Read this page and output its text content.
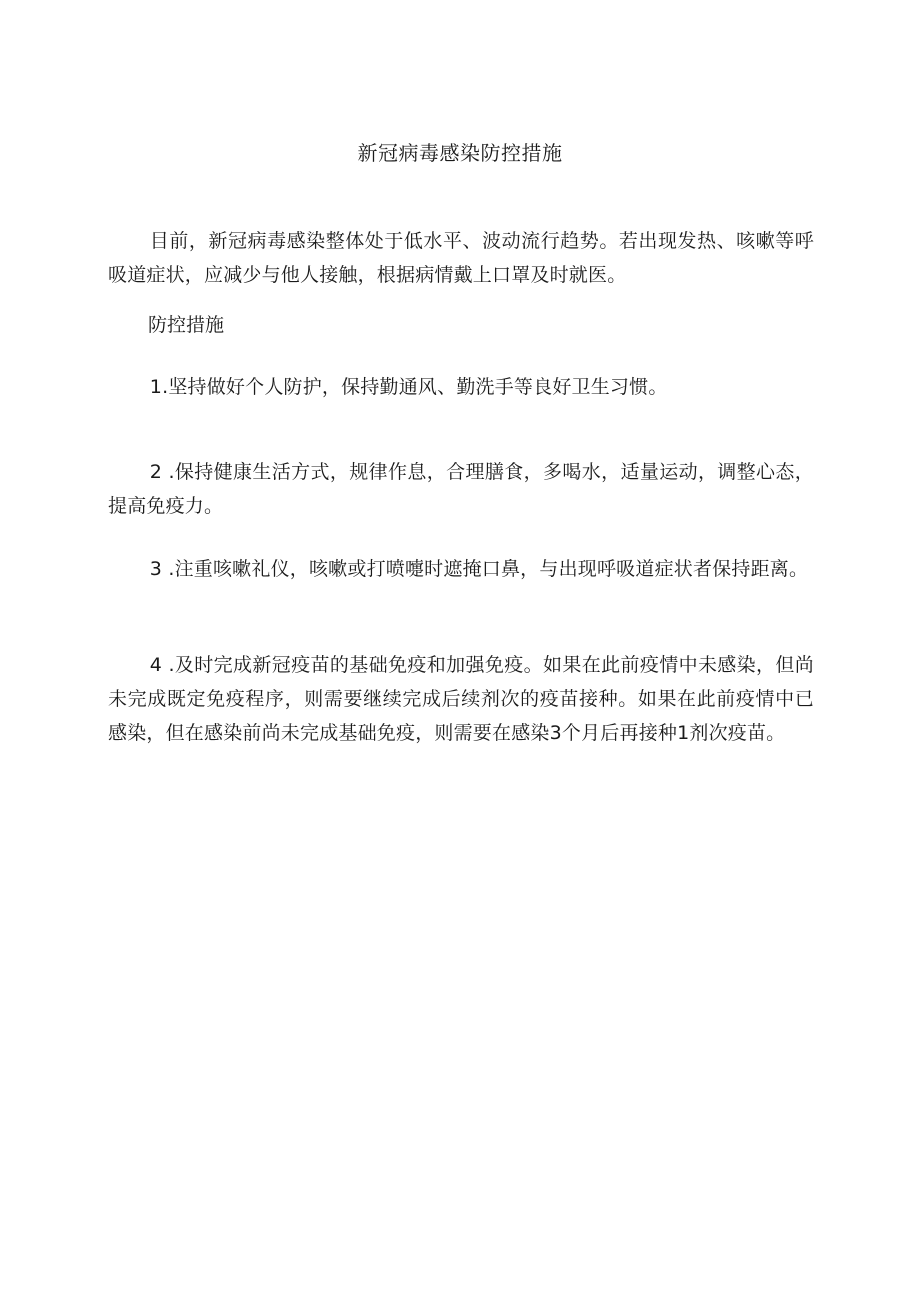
新冠病毒感染防控措施

目前，新冠病毒感染整体处于低水平、波动流行趋势。若出现发热、咳嗽等呼吸道症状，应减少与他人接触，根据病情戴上口罩及时就医。

防控措施

1.坚持做好个人防护，保持勤通风、勤洗手等良好卫生习惯。

2 .保持健康生活方式，规律作息，合理膳食，多喝水，适量运动，调整心态，提高免疫力。

3 .注重咳嗽礼仪，咳嗽或打喷嚏时遮掩口鼻，与出现呼吸道症状者保持距离。

4 .及时完成新冠疫苗的基础免疫和加强免疫。如果在此前疫情中未感染，但尚未完成既定免疫程序，则需要继续完成后续剂次的疫苗接种。如果在此前疫情中已感染，但在感染前尚未完成基础免疫，则需要在感染3个月后再接种1剂次疫苗。
